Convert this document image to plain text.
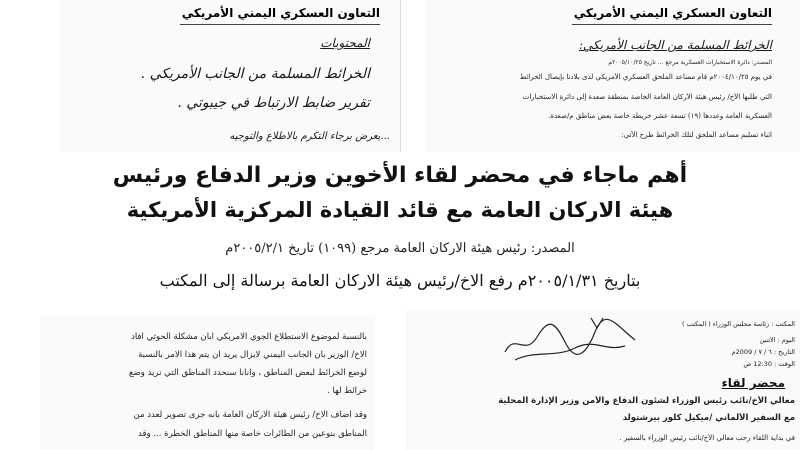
التعاون العسكري اليمني الأمريكي
المحتويات
الخرائط المسلمة من الجانب الأمريكي .
تقرير ضابط الارتباط في جيبوتي .
...يعرض برجاء التكرم بالاطلاع والتوجيه
التعاون العسكري اليمني الأمريكي
الخرائط المسلمة من الجانب الأمريكي:
المصدر: دائرة الاستخبارات العسكرية مرجع ... تاريخ ٢٠٠٥/١٠/٢٥م
في يوم ٢٠٠٤/١٠/٢٥م قام مساعد الملحق العسكري الأمريكي لدى بلادنا بإيصال الخرائط
التي طلبها الأخ/ رئيس هيئة الأركان العامة الخاصة بمنطقة صعدة إلى دائرة الاستخبارات
العسكرية العامة وعددها (١٩) تسعة عشر خريطة خاصة بعض مناطق م/صعدة.
اثناء تسليم مساعد الملحق لتلك الخرائط طرح الآتي:
أهم ماجاء في محضر لقاء الأخوين وزير الدفاع ورئيس
هيئة الاركان العامة مع قائد القيادة المركزية الأمريكية
المصدر: رئيس هيئة الاركان العامة مرجع (١٠٩٩) تاريخ ٢٠٠٥/٢/١م
بتاريخ ٢٠٠٥/١/٣١م رفع الاخ/رئيس هيئة الاركان العامة برسالة إلى المكتب
بالنسبة لموضوع الاستطلاع الجوي الامريكي ابان مشكلة الحوثي افاد
الاخ/ الوزير بان الجانب اليمني لايزال يريد ان يتم هذا الامر بالنسبة
لوضع الخرائط لبعض المناطق ، وانانا سنحدد المناطق التي نريد وضع
خرائط لها .
وقد اضاف الاخ/ رئيس هيئة الاركان العامة بانه جرى تصوير لعدد من
المناطق بنوعين من الطائرات خاصة منها المناطق الخطرة ... وقد
المكتب : رئاسة مجلس الوزراء ( المكتب )
اليوم : الاثنين
التاريخ : ٦ / ٧ / 2009م
الوقت : 12:30 ص
محضر لقاء
معالي الأخ/نائب رئيس الوزراء لشئون الدفاع والأمن وزير الإدارة المحلية
مع السفير الألماني /ميكيل كلور بيرشتولد
في بداية اللقاء رحب معالي الأخ/نائب رئيس الوزراء بالسفير .
